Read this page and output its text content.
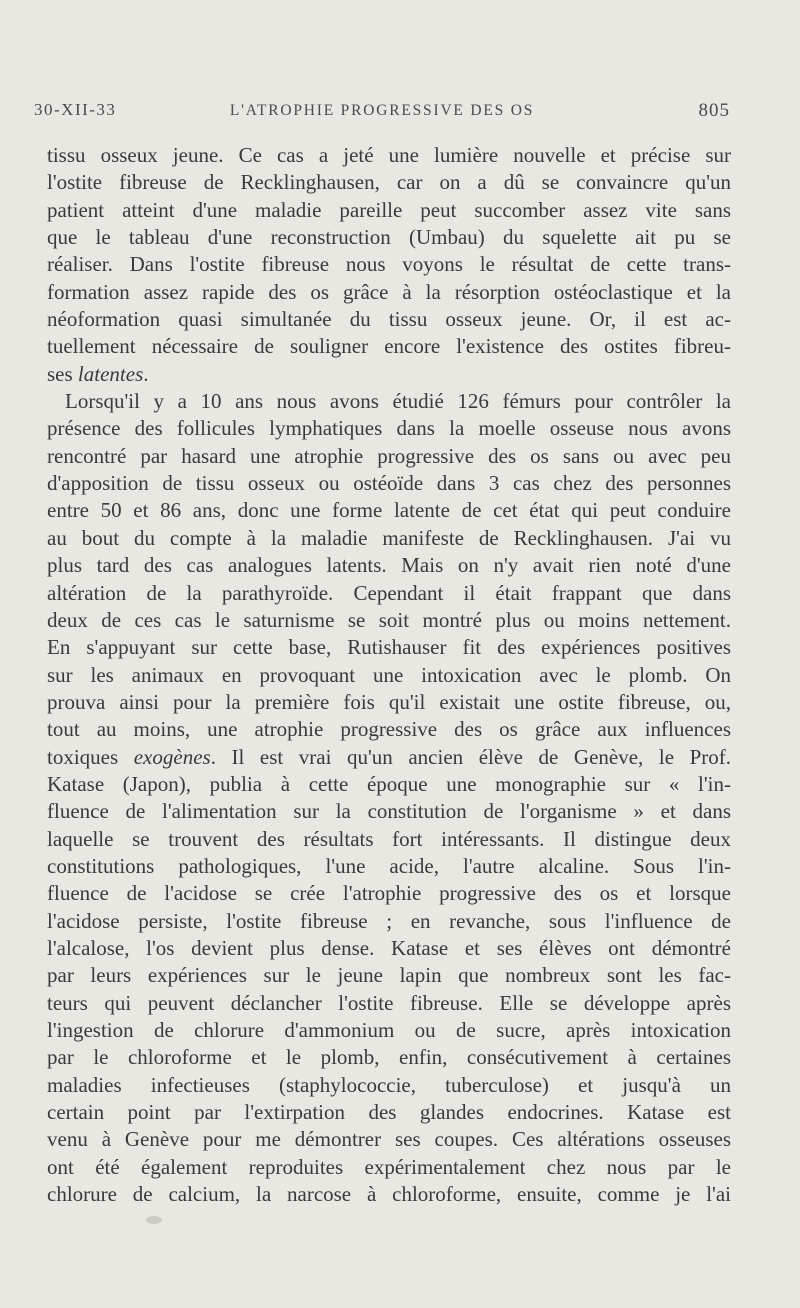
30-XII-33	L'ATROPHIE PROGRESSIVE DES OS	805
tissu osseux jeune. Ce cas a jeté une lumière nouvelle et précise sur
l'ostite fibreuse de Recklinghausen, car on a dû se convaincre qu'un
patient atteint d'une maladie pareille peut succomber assez vite sans
que le tableau d'une reconstruction (Umbau) du squelette ait pu se
réaliser. Dans l'ostite fibreuse nous voyons le résultat de cette trans-
formation assez rapide des os grâce à la résorption ostéoclastique et la
néoformation quasi simultanée du tissu osseux jeune. Or, il est ac-
tuellement nécessaire de souligner encore l'existence des ostites fibreu-
ses latentes.
Lorsqu'il y a 10 ans nous avons étudié 126 fémurs pour contrôler la
présence des follicules lymphatiques dans la moelle osseuse nous avons
rencontré par hasard une atrophie progressive des os sans ou avec peu
d'apposition de tissu osseux ou ostéoïde dans 3 cas chez des personnes
entre 50 et 86 ans, donc une forme latente de cet état qui peut conduire
au bout du compte à la maladie manifeste de Recklinghausen. J'ai vu
plus tard des cas analogues latents. Mais on n'y avait rien noté d'une
altération de la parathyroïde. Cependant il était frappant que dans
deux de ces cas le saturnisme se soit montré plus ou moins nettement.
En s'appuyant sur cette base, Rutishauser fit des expériences positives
sur les animaux en provoquant une intoxication avec le plomb. On
prouva ainsi pour la première fois qu'il existait une ostite fibreuse, ou,
tout au moins, une atrophie progressive des os grâce aux influences
toxiques exogènes. Il est vrai qu'un ancien élève de Genève, le Prof.
Katase (Japon), publia à cette époque une monographie sur « l'in-
fluence de l'alimentation sur la constitution de l'organisme » et dans
laquelle se trouvent des résultats fort intéressants. Il distingue deux
constitutions pathologiques, l'une acide, l'autre alcaline. Sous l'in-
fluence de l'acidose se crée l'atrophie progressive des os et lorsque
l'acidose persiste, l'ostite fibreuse ; en revanche, sous l'influence de
l'alcalose, l'os devient plus dense. Katase et ses élèves ont démontré
par leurs expériences sur le jeune lapin que nombreux sont les fac-
teurs qui peuvent déclancher l'ostite fibreuse. Elle se développe après
l'ingestion de chlorure d'ammonium ou de sucre, après intoxication
par le chloroforme et le plomb, enfin, consécutivement à certaines
maladies infectieuses (staphylococcie, tuberculose) et jusqu'à un
certain point par l'extirpation des glandes endocrines. Katase est
venu à Genève pour me démontrer ses coupes. Ces altérations osseuses
ont été également reproduites expérimentalement chez nous par le
chlorure de calcium, la narcose à chloroforme, ensuite, comme je l'ai
